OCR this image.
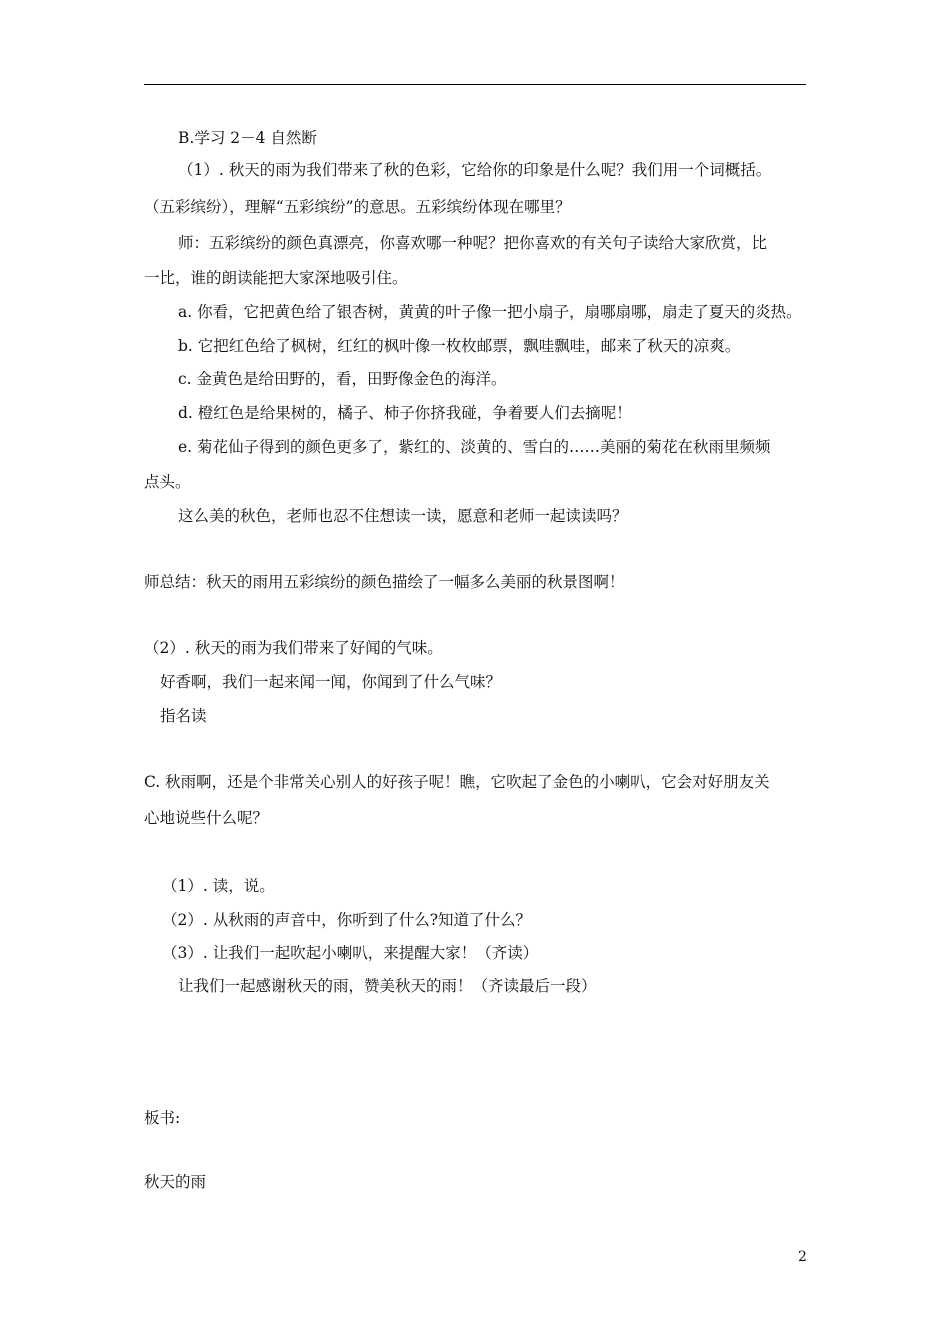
B.学习 2－4 自然断
（1）. 秋天的雨为我们带来了秋的色彩，它给你的印象是什么呢？我们用一个词概括。
（五彩缤纷），理解“五彩缤纷”的意思。五彩缤纷体现在哪里？
师：五彩缤纷的颜色真漂亮，你喜欢哪一种呢？把你喜欢的有关句子读给大家欣赏，比
一比，谁的朗读能把大家深地吸引住。
a. 你看，它把黄色给了银杏树，黄黄的叶子像一把小扇子，扇哪扇哪，扇走了夏天的炎热。
b. 它把红色给了枫树，红红的枫叶像一枚枚邮票，飘哇飘哇，邮来了秋天的凉爽。
c. 金黄色是给田野的，看，田野像金色的海洋。
d. 橙红色是给果树的，橘子、柿子你挤我碰，争着要人们去摘呢！
e. 菊花仙子得到的颜色更多了，紫红的、淡黄的、雪白的……美丽的菊花在秋雨里频频
点头。
这么美的秋色，老师也忍不住想读一读，愿意和老师一起读读吗？
师总结：秋天的雨用五彩缤纷的颜色描绘了一幅多么美丽的秋景图啊！
（2）. 秋天的雨为我们带来了好闻的气味。
好香啊，我们一起来闻一闻，你闻到了什么气味？
指名读
C. 秋雨啊，还是个非常关心别人的好孩子呢！瞧，它吹起了金色的小喇叭，它会对好朋友关
心地说些什么呢？
（1）. 读，说。
（2）. 从秋雨的声音中，你听到了什么?知道了什么？
（3）. 让我们一起吹起小喇叭，来提醒大家！（齐读）
让我们一起感谢秋天的雨，赞美秋天的雨！（齐读最后一段）
板书:
秋天的雨
2
